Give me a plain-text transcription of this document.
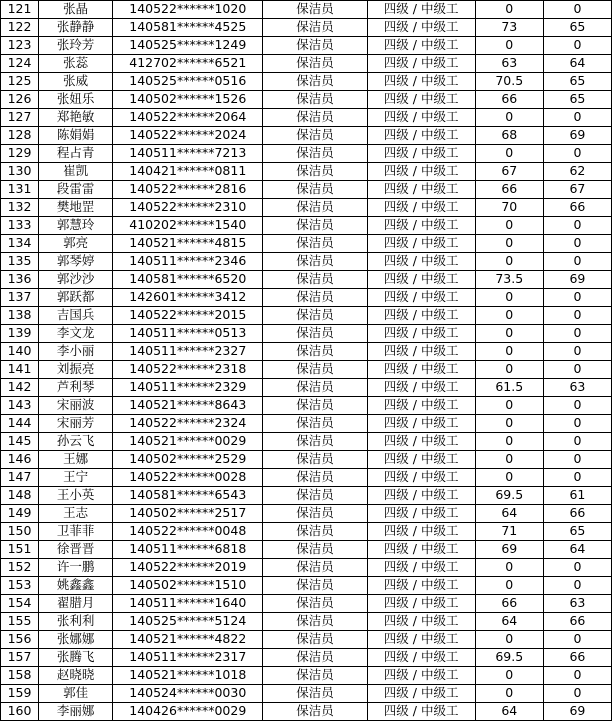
121	张晶	140522******1020	保洁员	四级 / 中级工	0	0
122	张静静	140581******4525	保洁员	四级 / 中级工	73	65
123	张玲芳	140525******1249	保洁员	四级 / 中级工	0	0
124	张蕊	412702******6521	保洁员	四级 / 中级工	63	64
125	张威	140525******0516	保洁员	四级 / 中级工	70.5	65
126	张妞乐	140502******1526	保洁员	四级 / 中级工	66	65
127	郑艳敏	140522******2064	保洁员	四级 / 中级工	0	0
128	陈娟娟	140522******2024	保洁员	四级 / 中级工	68	69
129	程占青	140511******7213	保洁员	四级 / 中级工	0	0
130	崔凯	140421******0811	保洁员	四级 / 中级工	67	62
131	段雷雷	140522******2816	保洁员	四级 / 中级工	66	67
132	樊地罡	140522******2310	保洁员	四级 / 中级工	70	66
133	郭慧玲	410202******1540	保洁员	四级 / 中级工	0	0
134	郭亮	140521******4815	保洁员	四级 / 中级工	0	0
135	郭琴婷	140511******2346	保洁员	四级 / 中级工	0	0
136	郭沙沙	140581******6520	保洁员	四级 / 中级工	73.5	69
137	郭跃都	142601******3412	保洁员	四级 / 中级工	0	0
138	吉国兵	140522******2015	保洁员	四级 / 中级工	0	0
139	李文龙	140511******0513	保洁员	四级 / 中级工	0	0
140	李小丽	140511******2327	保洁员	四级 / 中级工	0	0
141	刘振亮	140522******2318	保洁员	四级 / 中级工	0	0
142	芦利琴	140511******2329	保洁员	四级 / 中级工	61.5	63
143	宋丽波	140521******8643	保洁员	四级 / 中级工	0	0
144	宋丽芳	140522******2324	保洁员	四级 / 中级工	0	0
145	孙云飞	140521******0029	保洁员	四级 / 中级工	0	0
146	王娜	140502******2529	保洁员	四级 / 中级工	0	0
147	王宁	140522******0028	保洁员	四级 / 中级工	0	0
148	王小英	140581******6543	保洁员	四级 / 中级工	69.5	61
149	王志	140502******2517	保洁员	四级 / 中级工	64	66
150	卫菲菲	140522******0048	保洁员	四级 / 中级工	71	65
151	徐晋晋	140511******6818	保洁员	四级 / 中级工	69	64
152	许一鹏	140522******2019	保洁员	四级 / 中级工	0	0
153	姚鑫鑫	140502******1510	保洁员	四级 / 中级工	0	0
154	翟腊月	140511******1640	保洁员	四级 / 中级工	66	63
155	张利利	140525******5124	保洁员	四级 / 中级工	64	66
156	张娜娜	140521******4822	保洁员	四级 / 中级工	0	0
157	张腾飞	140511******2317	保洁员	四级 / 中级工	69.5	66
158	赵晓晓	140521******1018	保洁员	四级 / 中级工	0	0
159	郭佳	140524******0030	保洁员	四级 / 中级工	0	0
160	李丽娜	140426******0029	保洁员	四级 / 中级工	64	69
